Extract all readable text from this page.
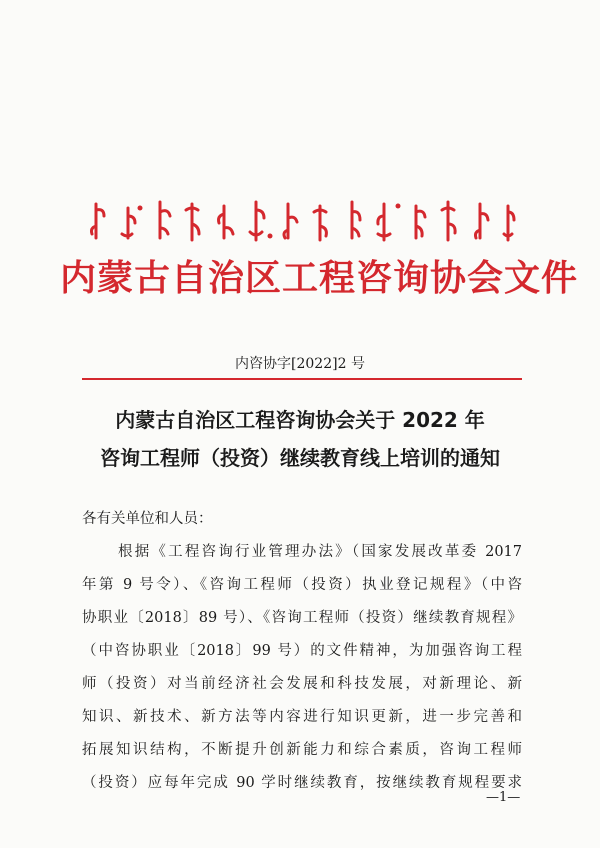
内蒙古自治区工程咨询协会文件
内咨协字[2022]2 号
内蒙古自治区工程咨询协会关于 2022 年
咨询工程师（投资）继续教育线上培训的通知
各有关单位和人员：
根据《工程咨询行业管理办法》（国家发展改革委 2017
年第 9 号令）、《咨询工程师（投资）执业登记规程》（中咨
协职业〔2018〕89 号）、《咨询工程师（投资）继续教育规程》
（中咨协职业〔2018〕99 号）的文件精神，为加强咨询工程
师（投资）对当前经济社会发展和科技发展，对新理论、新
知识、新技术、新方法等内容进行知识更新，进一步完善和
拓展知识结构，不断提升创新能力和综合素质，咨询工程师
（投资）应每年完成 90 学时继续教育，按继续教育规程要求
—1—
